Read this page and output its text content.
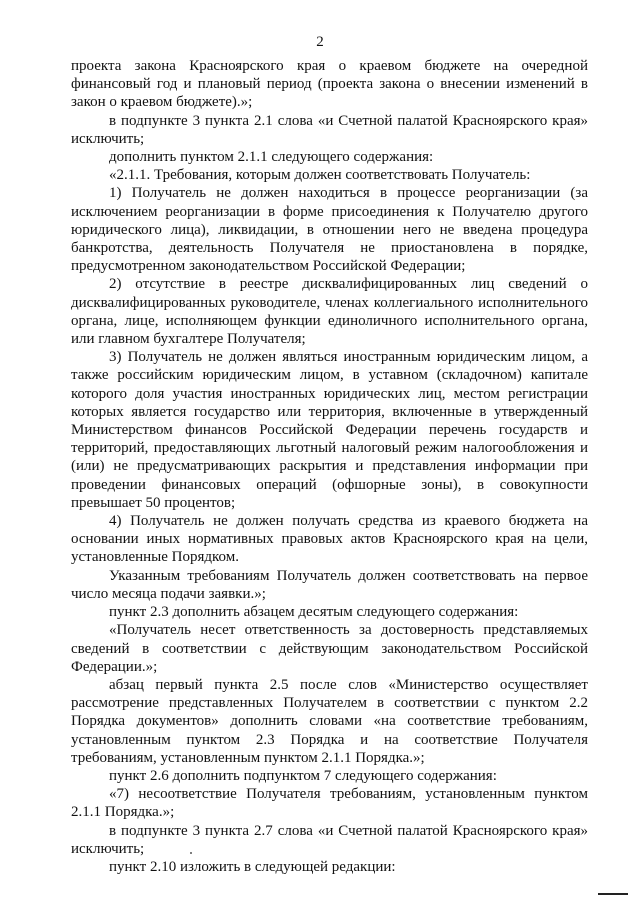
2

проекта закона Красноярского края о краевом бюджете на очередной финансовый год и плановый период (проекта закона о внесении изменений в закон о краевом бюджете).»;

в подпункте 3 пункта 2.1 слова «и Счетной палатой Красноярского края» исключить;

дополнить пунктом 2.1.1 следующего содержания:

«2.1.1. Требования, которым должен соответствовать Получатель:

1) Получатель не должен находиться в процессе реорганизации (за исключением реорганизации в форме присоединения к Получателю другого юридического лица), ликвидации, в отношении него не введена процедура банкротства, деятельность Получателя не приостановлена в порядке, предусмотренном законодательством Российской Федерации;

2) отсутствие в реестре дисквалифицированных лиц сведений о дисквалифицированных руководителе, членах коллегиального исполнительного органа, лице, исполняющем функции единоличного исполнительного органа, или главном бухгалтере Получателя;

3) Получатель не должен являться иностранным юридическим лицом, а также российским юридическим лицом, в уставном (складочном) капитале которого доля участия иностранных юридических лиц, местом регистрации которых является государство или территория, включенные в утвержденный Министерством финансов Российской Федерации перечень государств и территорий, предоставляющих льготный налоговый режим налогообложения и (или) не предусматривающих раскрытия и представления информации при проведении финансовых операций (офшорные зоны), в совокупности превышает 50 процентов;

4) Получатель не должен получать средства из краевого бюджета на основании иных нормативных правовых актов Красноярского края на цели, установленные Порядком.

Указанным требованиям Получатель должен соответствовать на первое число месяца подачи заявки.»;

пункт 2.3 дополнить абзацем десятым следующего содержания:

«Получатель несет ответственность за достоверность представляемых сведений в соответствии с действующим законодательством Российской Федерации.»;

абзац первый пункта 2.5 после слов «Министерство осуществляет рассмотрение представленных Получателем в соответствии с пунктом 2.2 Порядка документов» дополнить словами «на соответствие требованиям, установленным пунктом 2.3 Порядка и на соответствие Получателя требованиям, установленным пунктом 2.1.1 Порядка.»;

пункт 2.6 дополнить подпунктом 7 следующего содержания:

«7) несоответствие Получателя требованиям, установленным пунктом 2.1.1 Порядка.»;

в подпункте 3 пункта 2.7 слова «и Счетной палатой Красноярского края» исключить;

пункт 2.10 изложить в следующей редакции:
